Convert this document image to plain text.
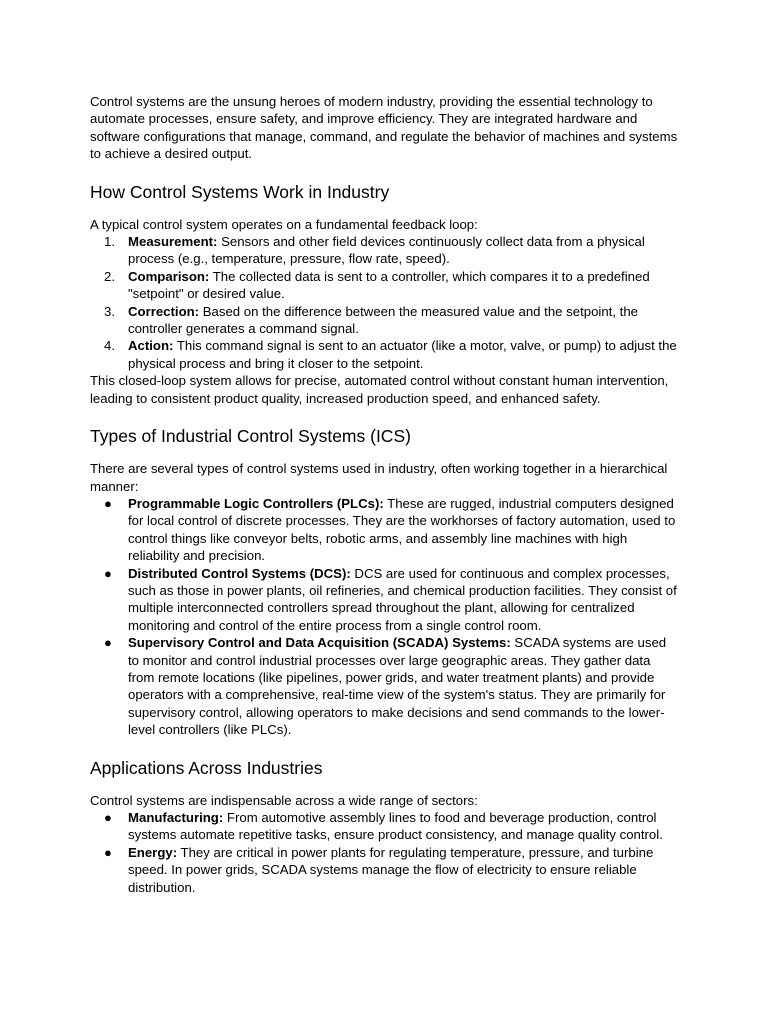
Control systems are the unsung heroes of modern industry, providing the essential technology to automate processes, ensure safety, and improve efficiency. They are integrated hardware and software configurations that manage, command, and regulate the behavior of machines and systems to achieve a desired output.

How Control Systems Work in Industry

A typical control system operates on a fundamental feedback loop:

1. Measurement: Sensors and other field devices continuously collect data from a physical process (e.g., temperature, pressure, flow rate, speed).
2. Comparison: The collected data is sent to a controller, which compares it to a predefined "setpoint" or desired value.
3. Correction: Based on the difference between the measured value and the setpoint, the controller generates a command signal.
4. Action: This command signal is sent to an actuator (like a motor, valve, or pump) to adjust the physical process and bring it closer to the setpoint.

This closed-loop system allows for precise, automated control without constant human intervention, leading to consistent product quality, increased production speed, and enhanced safety.

Types of Industrial Control Systems (ICS)

There are several types of control systems used in industry, often working together in a hierarchical manner:

● Programmable Logic Controllers (PLCs): These are rugged, industrial computers designed for local control of discrete processes. They are the workhorses of factory automation, used to control things like conveyor belts, robotic arms, and assembly line machines with high reliability and precision.
● Distributed Control Systems (DCS): DCS are used for continuous and complex processes, such as those in power plants, oil refineries, and chemical production facilities. They consist of multiple interconnected controllers spread throughout the plant, allowing for centralized monitoring and control of the entire process from a single control room.
● Supervisory Control and Data Acquisition (SCADA) Systems: SCADA systems are used to monitor and control industrial processes over large geographic areas. They gather data from remote locations (like pipelines, power grids, and water treatment plants) and provide operators with a comprehensive, real-time view of the system's status. They are primarily for supervisory control, allowing operators to make decisions and send commands to the lower-level controllers (like PLCs).
Applications Across Industries

Control systems are indispensable across a wide range of sectors:

● Manufacturing: From automotive assembly lines to food and beverage production, control systems automate repetitive tasks, ensure product consistency, and manage quality control.
● Energy: They are critical in power plants for regulating temperature, pressure, and turbine speed. In power grids, SCADA systems manage the flow of electricity to ensure reliable distribution.
